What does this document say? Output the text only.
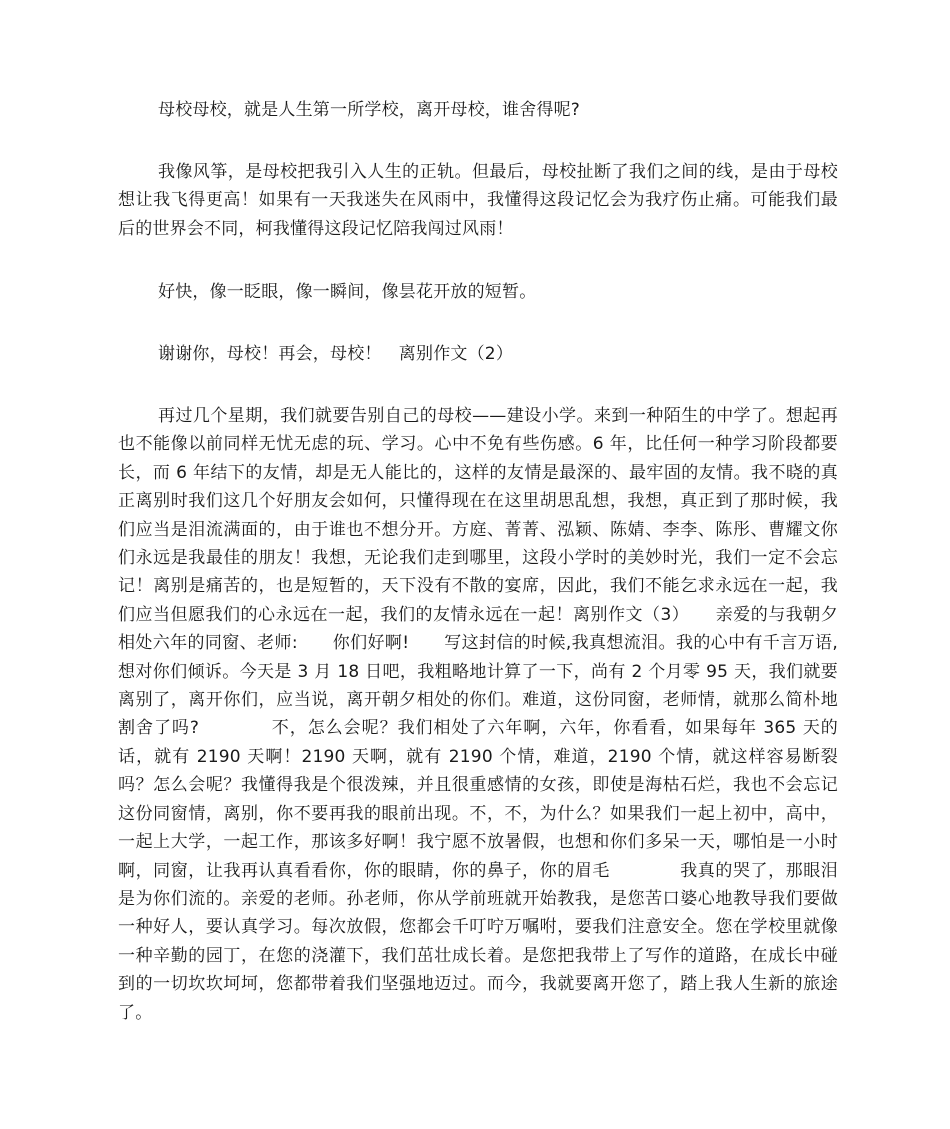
母校母校，就是人生第一所学校，离开母校，谁舍得呢?

我像风筝，是母校把我引入人生的正轨。但最后，母校扯断了我们之间的线，是由于母校想让我飞得更高！如果有一天我迷失在风雨中，我懂得这段记忆会为我疗伤止痛。可能我们最后的世界会不同，柯我懂得这段记忆陪我闯过风雨！

好快，像一眨眼，像一瞬间，像昙花开放的短暂。

谢谢你，母校！再会，母校！　离别作文（2）

再过几个星期，我们就要告别自己的母校——建设小学。来到一种陌生的中学了。想起再也不能像以前同样无忧无虑的玩、学习。心中不免有些伤感。6 年，比任何一种学习阶段都要长，而 6 年结下的友情，却是无人能比的，这样的友情是最深的、最牢固的友情。我不晓的真正离别时我们这几个好朋友会如何，只懂得现在在这里胡思乱想，我想，真正到了那时候，我们应当是泪流满面的，由于谁也不想分开。方庭、菁菁、泓颖、陈婧、李李、陈彤、曹耀文你们永远是我最佳的朋友！我想，无论我们走到哪里，这段小学时的美妙时光，我们一定不会忘记！离别是痛苦的，也是短暂的，天下没有不散的宴席，因此，我们不能乞求永远在一起，我们应当但愿我们的心永远在一起，我们的友情永远在一起！离别作文（3）　　亲爱的与我朝夕相处六年的同窗、老师:　　你们好啊!　　写这封信的时候,我真想流泪。我的心中有千言万语,想对你们倾诉。今天是 3 月 18 日吧，我粗略地计算了一下，尚有 2 个月零 95 天，我们就要离别了，离开你们，应当说，离开朝夕相处的你们。难道，这份同窗，老师情，就那么简朴地割舍了吗?　　　　不，怎么会呢？我们相处了六年啊，六年，你看看，如果每年 365 天的话，就有 2190 天啊！2190 天啊，就有 2190 个情，难道，2190 个情，就这样容易断裂吗？怎么会呢？我懂得我是个很泼辣，并且很重感情的女孩，即使是海枯石烂，我也不会忘记这份同窗情，离别，你不要再我的眼前出现。不，不，为什么？如果我们一起上初中，高中，一起上大学，一起工作，那该多好啊！我宁愿不放暑假，也想和你们多呆一天，哪怕是一小时啊，同窗，让我再认真看看你，你的眼睛，你的鼻子，你的眉毛　　　　我真的哭了，那眼泪是为你们流的。亲爱的老师。孙老师，你从学前班就开始教我，是您苦口婆心地教导我们要做一种好人，要认真学习。每次放假，您都会千叮咛万嘱咐，要我们注意安全。您在学校里就像一种辛勤的园丁，在您的浇灌下，我们茁壮成长着。是您把我带上了写作的道路，在成长中碰到的一切坎坎坷坷，您都带着我们坚强地迈过。而今，我就要离开您了，踏上我人生新的旅途了。
